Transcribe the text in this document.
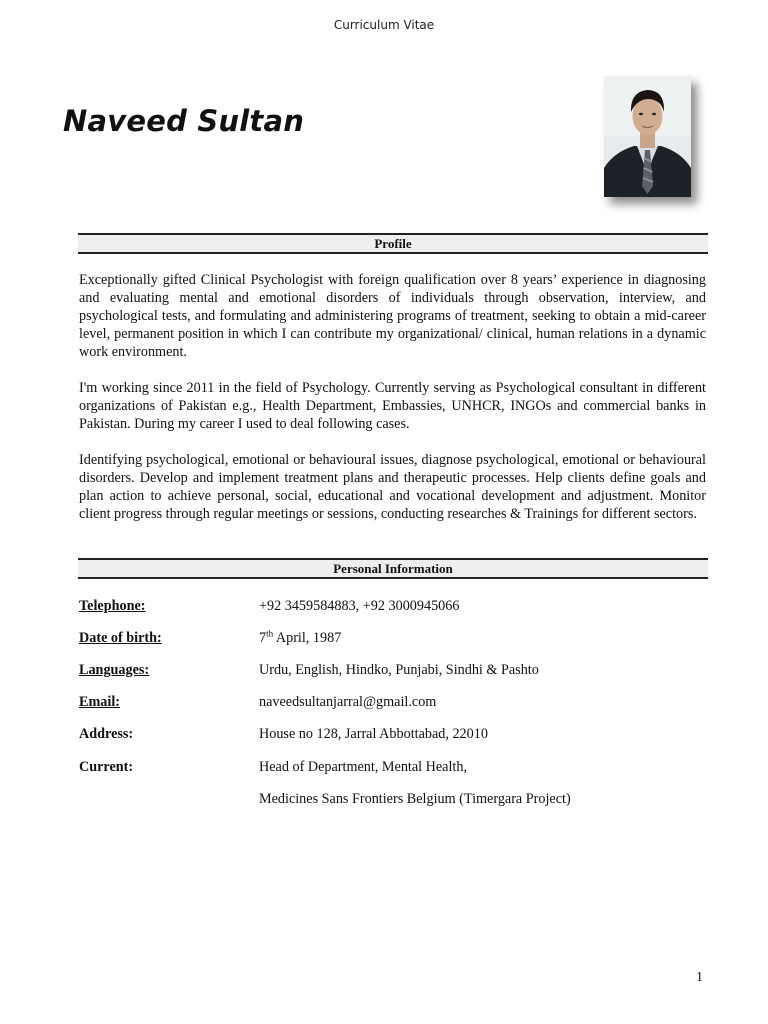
Curriculum Vitae
Naveed Sultan
Profile

Exceptionally gifted Clinical Psychologist with foreign qualification over 8 years’ experience in diagnosing and evaluating mental and emotional disorders of individuals through observation, interview, and psychological tests, and formulating and administering programs of treatment, seeking to obtain a mid-career level, permanent position in which I can contribute my organizational/ clinical, human relations in a dynamic work environment.

I'm working since 2011 in the field of Psychology. Currently serving as Psychological consultant in different organizations of Pakistan e.g., Health Department, Embassies, UNHCR, INGOs and commercial banks in Pakistan. During my career I used to deal following cases.

Identifying psychological, emotional or behavioural issues, diagnose psychological, emotional or behavioural disorders. Develop and implement treatment plans and therapeutic processes. Help clients define goals and plan action to achieve personal, social, educational and vocational development and adjustment. Monitor client progress through regular meetings or sessions, conducting researches & Trainings for different sectors.

Personal Information
Telephone:	+92 3459584883, +92 3000945066
Date of birth:	7th April, 1987
Languages:	Urdu, English, Hindko, Punjabi, Sindhi & Pashto
Email:	naveedsultanjarral@gmail.com
Address:	House no 128, Jarral Abbottabad, 22010
Current:	Head of Department, Mental Health,
Medicines Sans Frontiers Belgium (Timergara Project)
1
